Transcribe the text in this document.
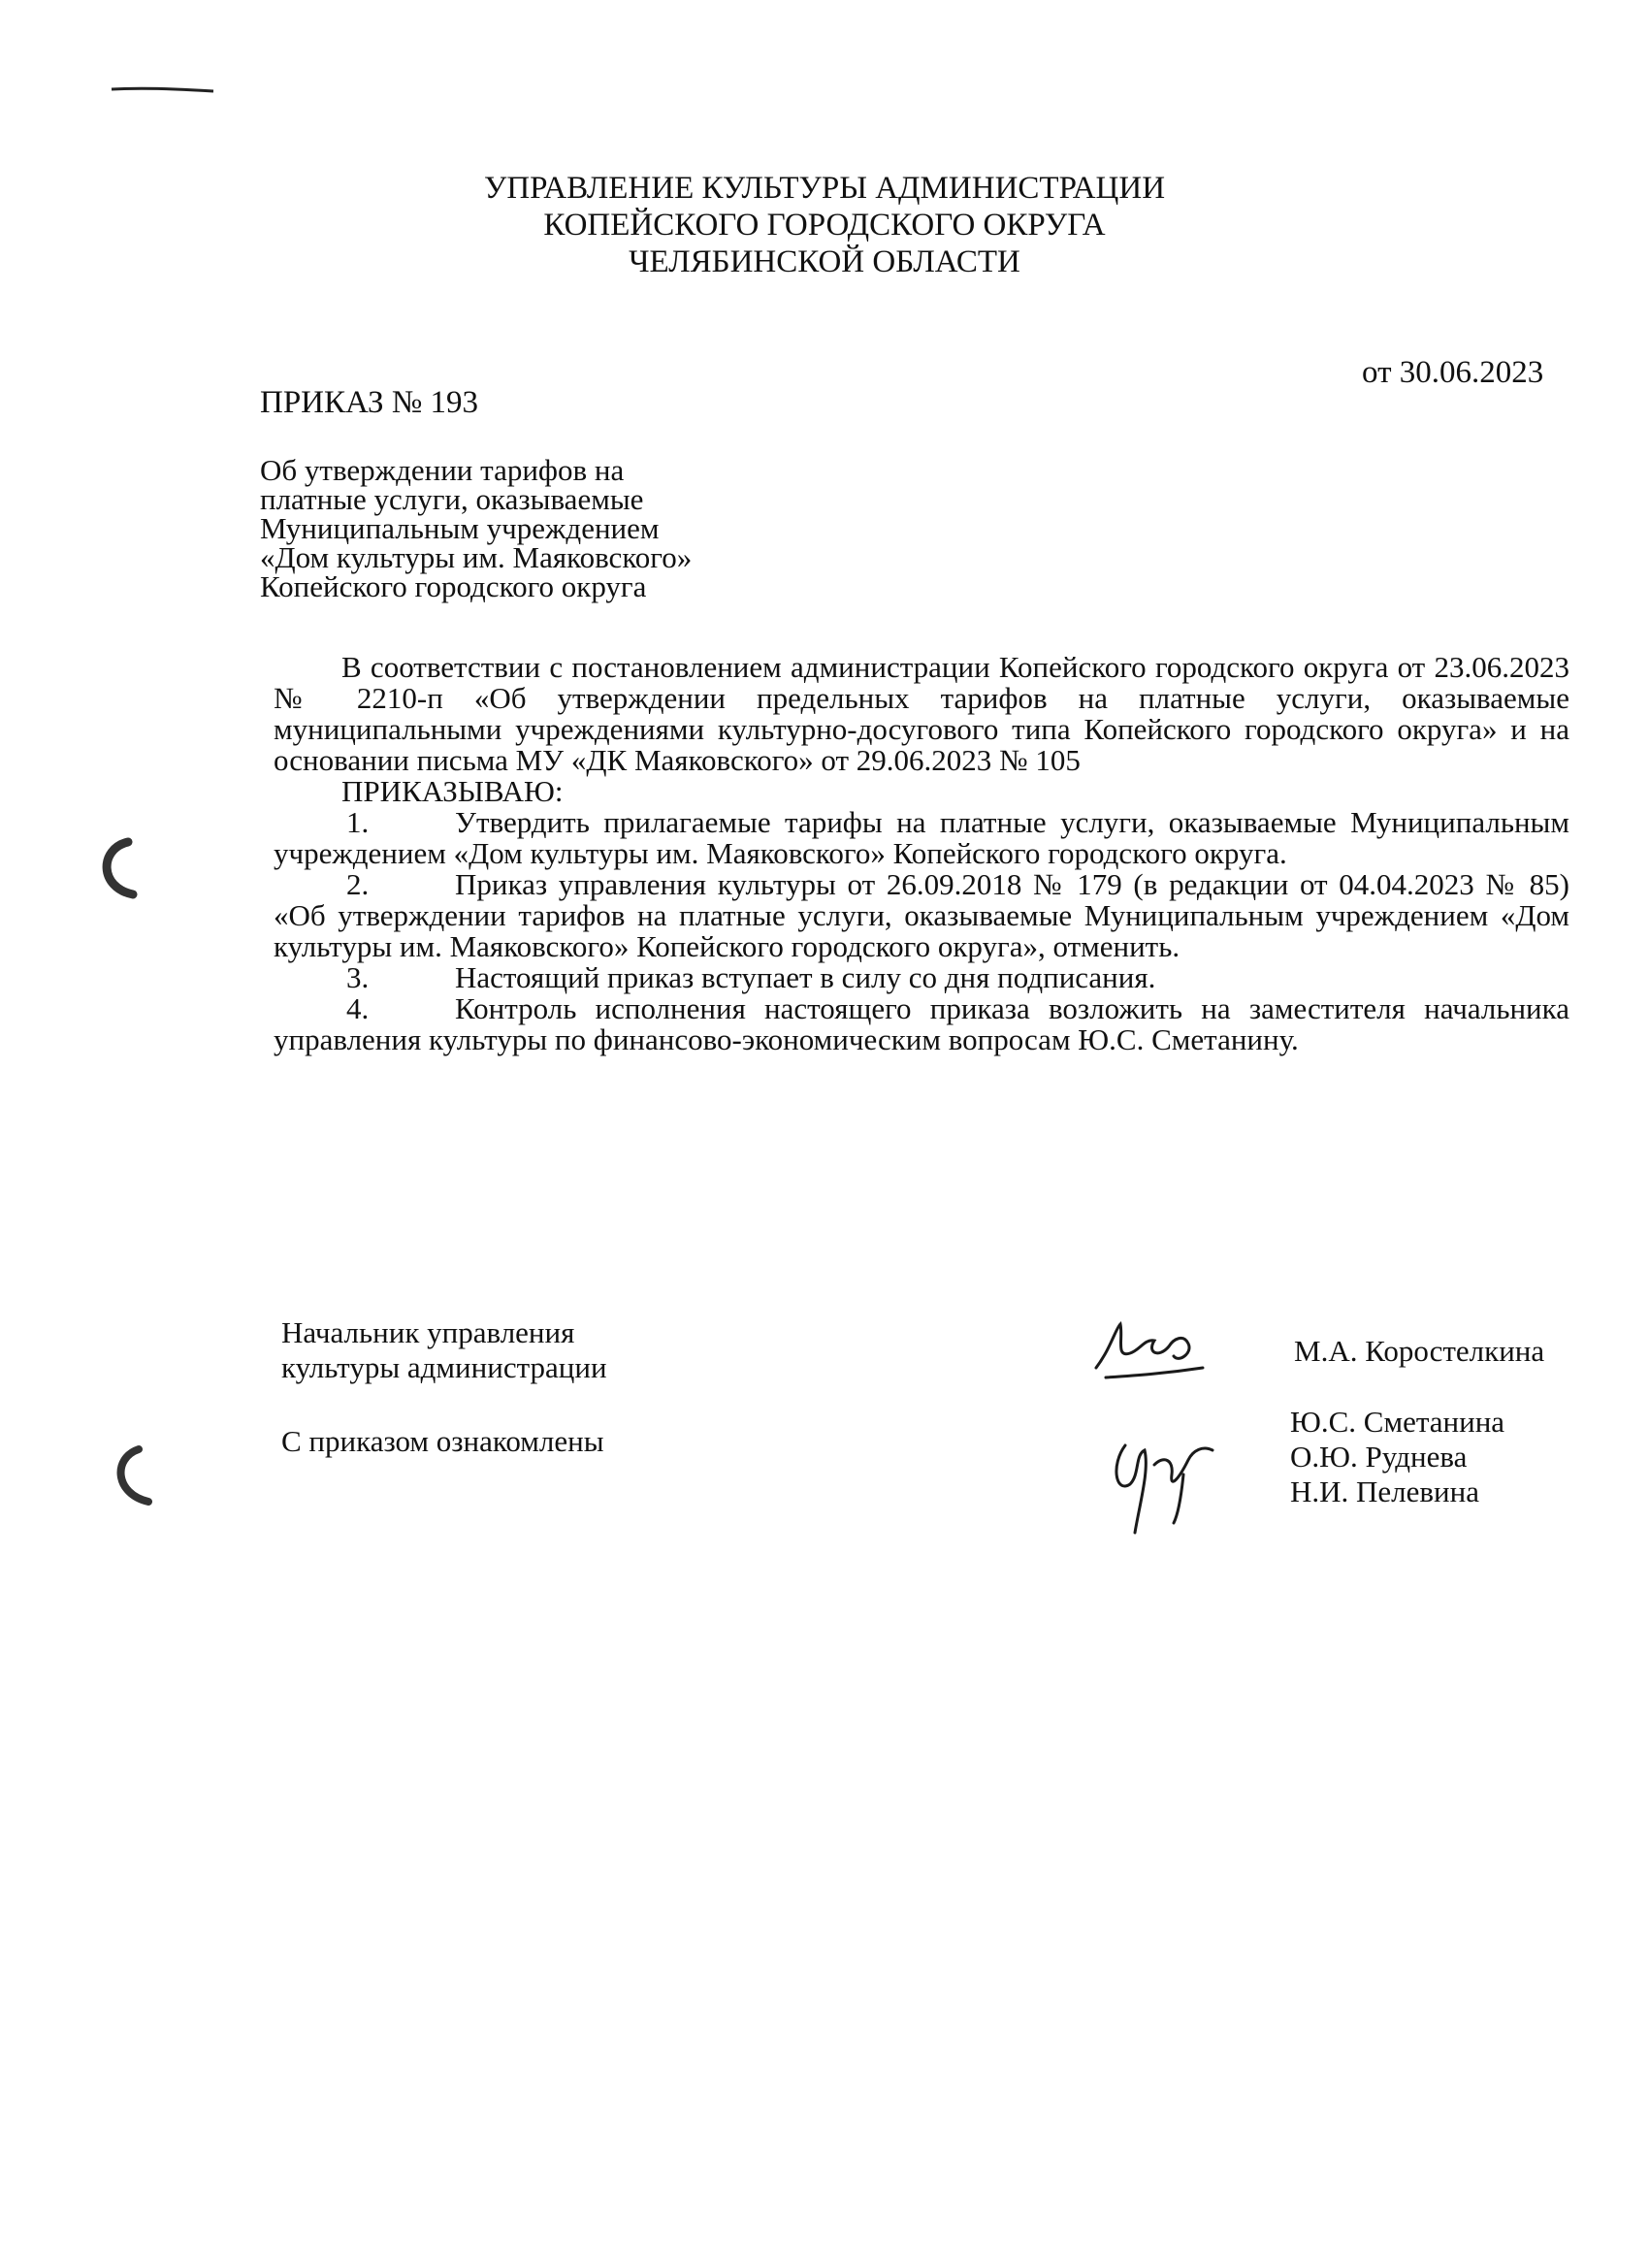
УПРАВЛЕНИЕ КУЛЬТУРЫ АДМИНИСТРАЦИИ
КОПЕЙСКОГО ГОРОДСКОГО ОКРУГА
ЧЕЛЯБИНСКОЙ ОБЛАСТИ
ПРИКАЗ № 193
от 30.06.2023
Об утверждении тарифов на
платные услуги, оказываемые
Муниципальным учреждением
«Дом культуры им. Маяковского»
Копейского городского округа

В соответствии с постановлением администрации Копейского городского округа от 23.06.2023 № 2210-п «Об утверждении предельных тарифов на платные услуги, оказываемые муниципальными учреждениями культурно-досугового типа Копейского городского округа» и на основании письма МУ «ДК Маяковского» от 29.06.2023 № 105

ПРИКАЗЫВАЮ:

1.	Утвердить прилагаемые тарифы на платные услуги, оказываемые Муниципальным учреждением «Дом культуры им. Маяковского» Копейского городского округа.

2.	Приказ управления культуры от 26.09.2018 № 179 (в редакции от 04.04.2023 № 85) «Об утверждении тарифов на платные услуги, оказываемые Муниципальным учреждением «Дом культуры им. Маяковского» Копейского городского округа», отменить.

3.	Настоящий приказ вступает в силу со дня подписания.

4.	Контроль исполнения настоящего приказа возложить на заместителя начальника управления культуры по финансово-экономическим вопросам Ю.С. Сметанину.

Начальник управления
культуры администрации	М.А. Коростелкина
С приказом ознакомлены
Ю.С. Сметанина
О.Ю. Руднева
Н.И. Пелевина
